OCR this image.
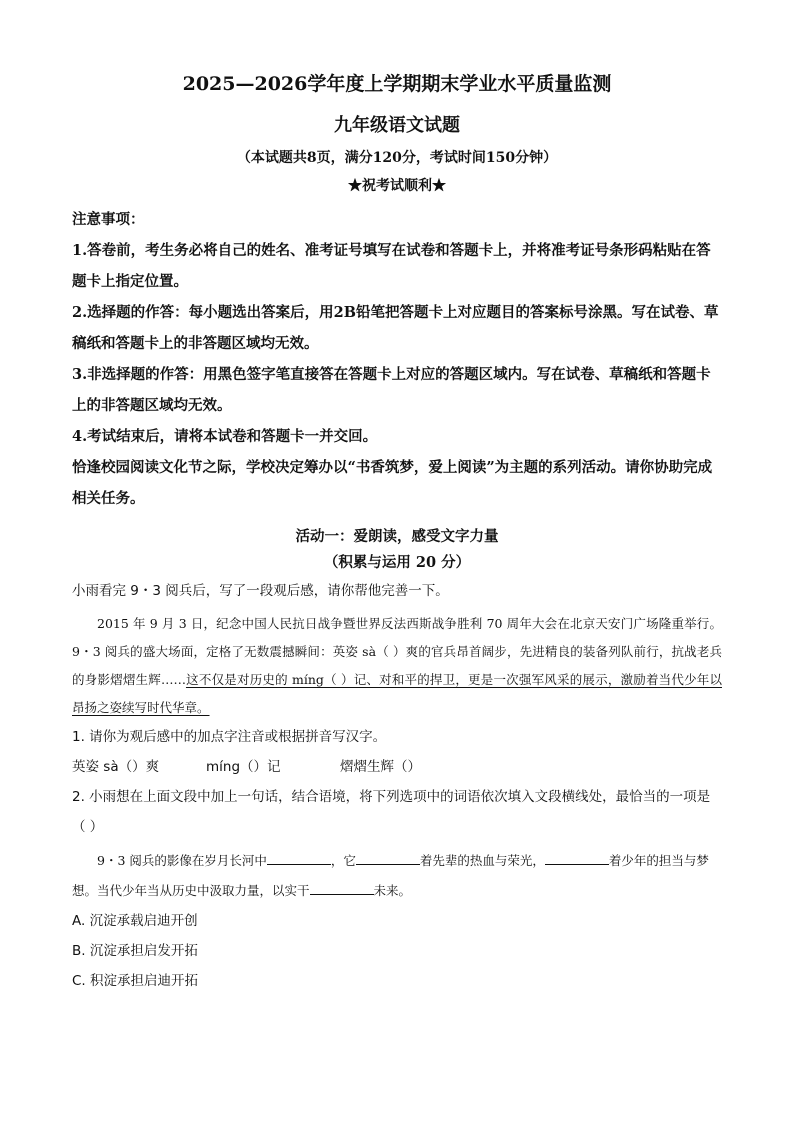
2025—2026学年度上学期期末学业水平质量监测
九年级语文试题
（本试题共8页，满分120分，考试时间150分钟）
★祝考试顺利★

注意事项：

1.答卷前，考生务必将自己的姓名、准考证号填写在试卷和答题卡上，并将准考证号条形码粘贴在答题卡上指定位置。

2.选择题的作答：每小题选出答案后，用2B铅笔把答题卡上对应题目的答案标号涂黑。写在试卷、草稿纸和答题卡上的非答题区域均无效。

3.非选择题的作答：用黑色签字笔直接答在答题卡上对应的答题区域内。写在试卷、草稿纸和答题卡上的非答题区域均无效。

4.考试结束后，请将本试卷和答题卡一并交回。

恰逢校园阅读文化节之际，学校决定筹办以“书香筑梦，爱上阅读”为主题的系列活动。请你协助完成相关任务。

活动一：爱朗读，感受文字力量

（积累与运用 20 分）

小雨看完 9・3 阅兵后，写了一段观后感，请你帮他完善一下。

2015 年 9 月 3 日，纪念中国人民抗日战争暨世界反法西斯战争胜利 70 周年大会在北京天安门广场隆重举行。9・3 阅兵的盛大场面，定格了无数震撼瞬间：英姿 sà（ ）爽的官兵昂首阔步，先进精良的装备列队前行，抗战老兵的身影熠熠生辉……这不仅是对历史的 míng（ ）记、对和平的捍卫，更是一次强军风采的展示，激励着当代少年以昂扬之姿续写时代华章。

1. 请你为观后感中的加点字注音或根据拼音写汉字。

英姿 sà（）爽	míng（）记	熠熠生辉（）

2. 小雨想在上面文段中加上一句话，结合语境，将下列选项中的词语依次填入文段横线处，最恰当的一项是（ ）

9・3 阅兵的影像在岁月长河中	，它	着先辈的热血与荣光，	着少年的担当与梦想。当代少年当从历史中汲取力量，以实干	未来。

A. 沉淀承载启迪开创

B. 沉淀承担启发开拓

C. 积淀承担启迪开拓
